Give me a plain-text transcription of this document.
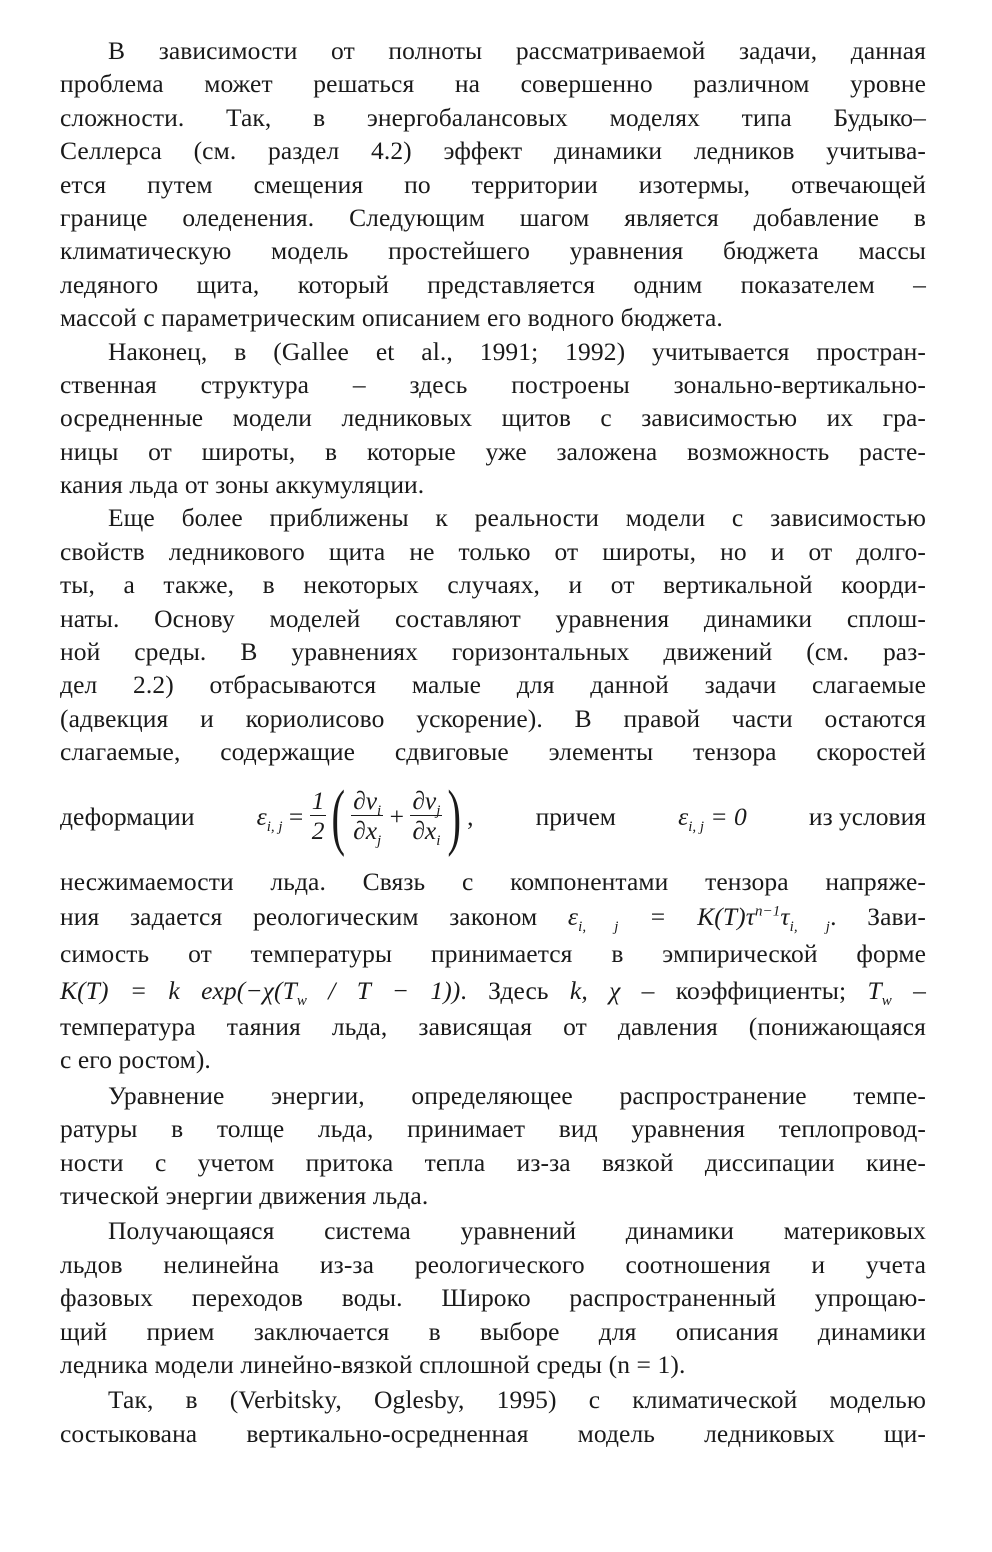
В зависимости от полноты рассматриваемой задачи, данная
проблема может решаться на совершенно различном уровне
сложности. Так, в энергобалансовых моделях типа Будыко–
Селлерса (см. раздел 4.2) эффект динамики ледников учитыва-
ется путем смещения по территории изотермы, отвечающей
границе оледенения. Следующим шагом является добавление в
климатическую модель простейшего уравнения бюджета массы
ледяного щита, который представляется одним показателем –
массой с параметрическим описанием его водного бюджета.
Наконец, в (Gallee et al., 1991; 1992) учитывается простран-
ственная структура – здесь построены зонально-вертикально-
осредненные модели ледниковых щитов с зависимостью их гра-
ницы от широты, в которые уже заложена возможность расте-
кания льда от зоны аккумуляции.
Еще более приближены к реальности модели с зависимостью
свойств ледникового щита не только от широты, но и от долго-
ты, а также, в некоторых случаях, и от вертикальной коорди-
наты. Основу моделей составляют уравнения динамики сплош-
ной среды. В уравнениях горизонтальных движений (см. раз-
дел 2.2) отбрасываются малые для данной задачи слагаемые
(адвекция и кориолисово ускорение). В правой части остаются
слагаемые, содержащие сдвиговые элементы тензора скоростей
деформации $\varepsilon_{i, j} = \frac{1}{2}$ ( $\frac{\partial v_i}{\partial x_j} + \frac{\partial v_j}{\partial x_i}$ ) , причем $\varepsilon_{i, j} = 0$ из условия
несжимаемости льда. Связь с компонентами тензора напряже-
ния задается реологическим законом $\varepsilon_{i, j} = K(T)\tau^{n-1}\tau_{i, j}$. Зави-
симость от температуры принимается в эмпирической форме
K(T) = k $\exp(-\chi(T_w / T - 1))$. Здесь k, χ – коэффициенты; $T_w$ –
температура таяния льда, зависящая от давления (понижающаяся
с его ростом).
Уравнение энергии, определяющее распространение темпе-
ратуры в толще льда, принимает вид уравнения теплопровод-
ности с учетом притока тепла из-за вязкой диссипации кине-
тической энергии движения льда.
Получающаяся система уравнений динамики материковых
льдов нелинейна из-за реологического соотношения и учета
фазовых переходов воды. Широко распространенный упрощаю-
щий прием заключается в выборе для описания динамики
ледника модели линейно-вязкой сплошной среды (n = 1).
Так, в (Verbitsky, Oglesby, 1995) с климатической моделью
состыкована вертикально-осредненная модель ледниковых щи-
